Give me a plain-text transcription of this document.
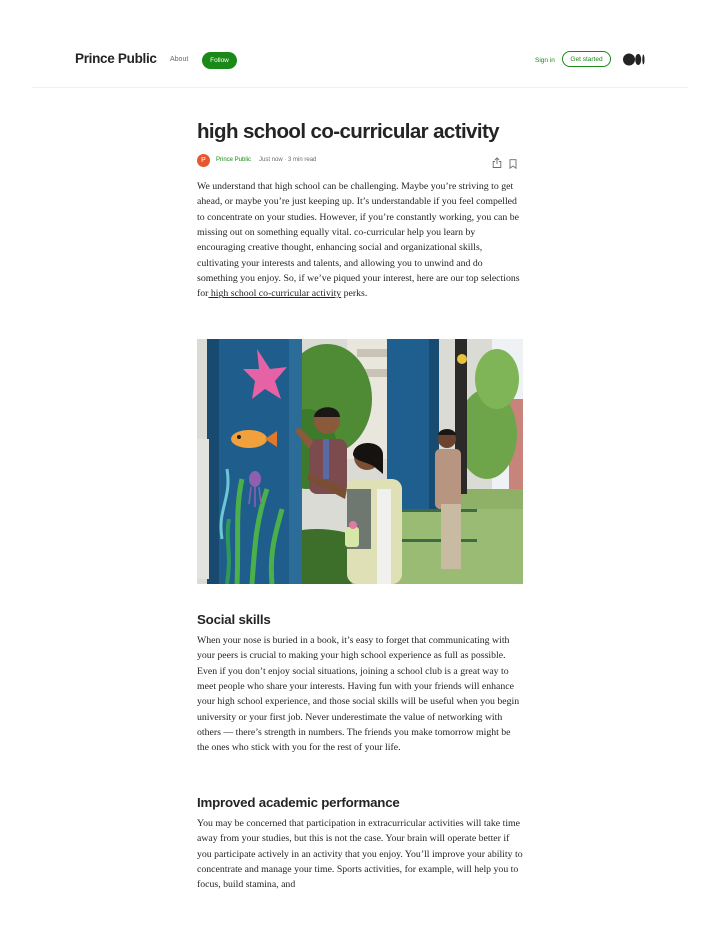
Prince Public About	Follow	Sign in	Get started
high school co-curricular activity
P	Prince Public Just now · 3 min read

We understand that high school can be challenging. Maybe you’re striving to get ahead, or maybe you’re just keeping up. It’s understandable if you feel compelled to concentrate on your studies. However, if you’re constantly working, you can be missing out on something equally vital. co-curricular help you learn by encouraging creative thought, enhancing social and organizational skills, cultivating your interests and talents, and allowing you to unwind and do something you enjoy. So, if we’ve piqued your interest, here are our top selections for high school co-curricular activity perks.

Social skills

When your nose is buried in a book, it’s easy to forget that communicating with your peers is crucial to making your high school experience as full as possible. Even if you don’t enjoy social situations, joining a school club is a great way to meet people who share your interests. Having fun with your friends will enhance your high school experience, and those social skills will be useful when you begin university or your first job. Never underestimate the value of networking with others — there’s strength in numbers. The friends you make tomorrow might be the ones who stick with you for the rest of your life.

Improved academic performance

You may be concerned that participation in extracurricular activities will take time away from your studies, but this is not the case. Your brain will operate better if you participate actively in an activity that you enjoy. You’ll improve your ability to concentrate and manage your time. Sports activities, for example, will help you to focus, build stamina, and
